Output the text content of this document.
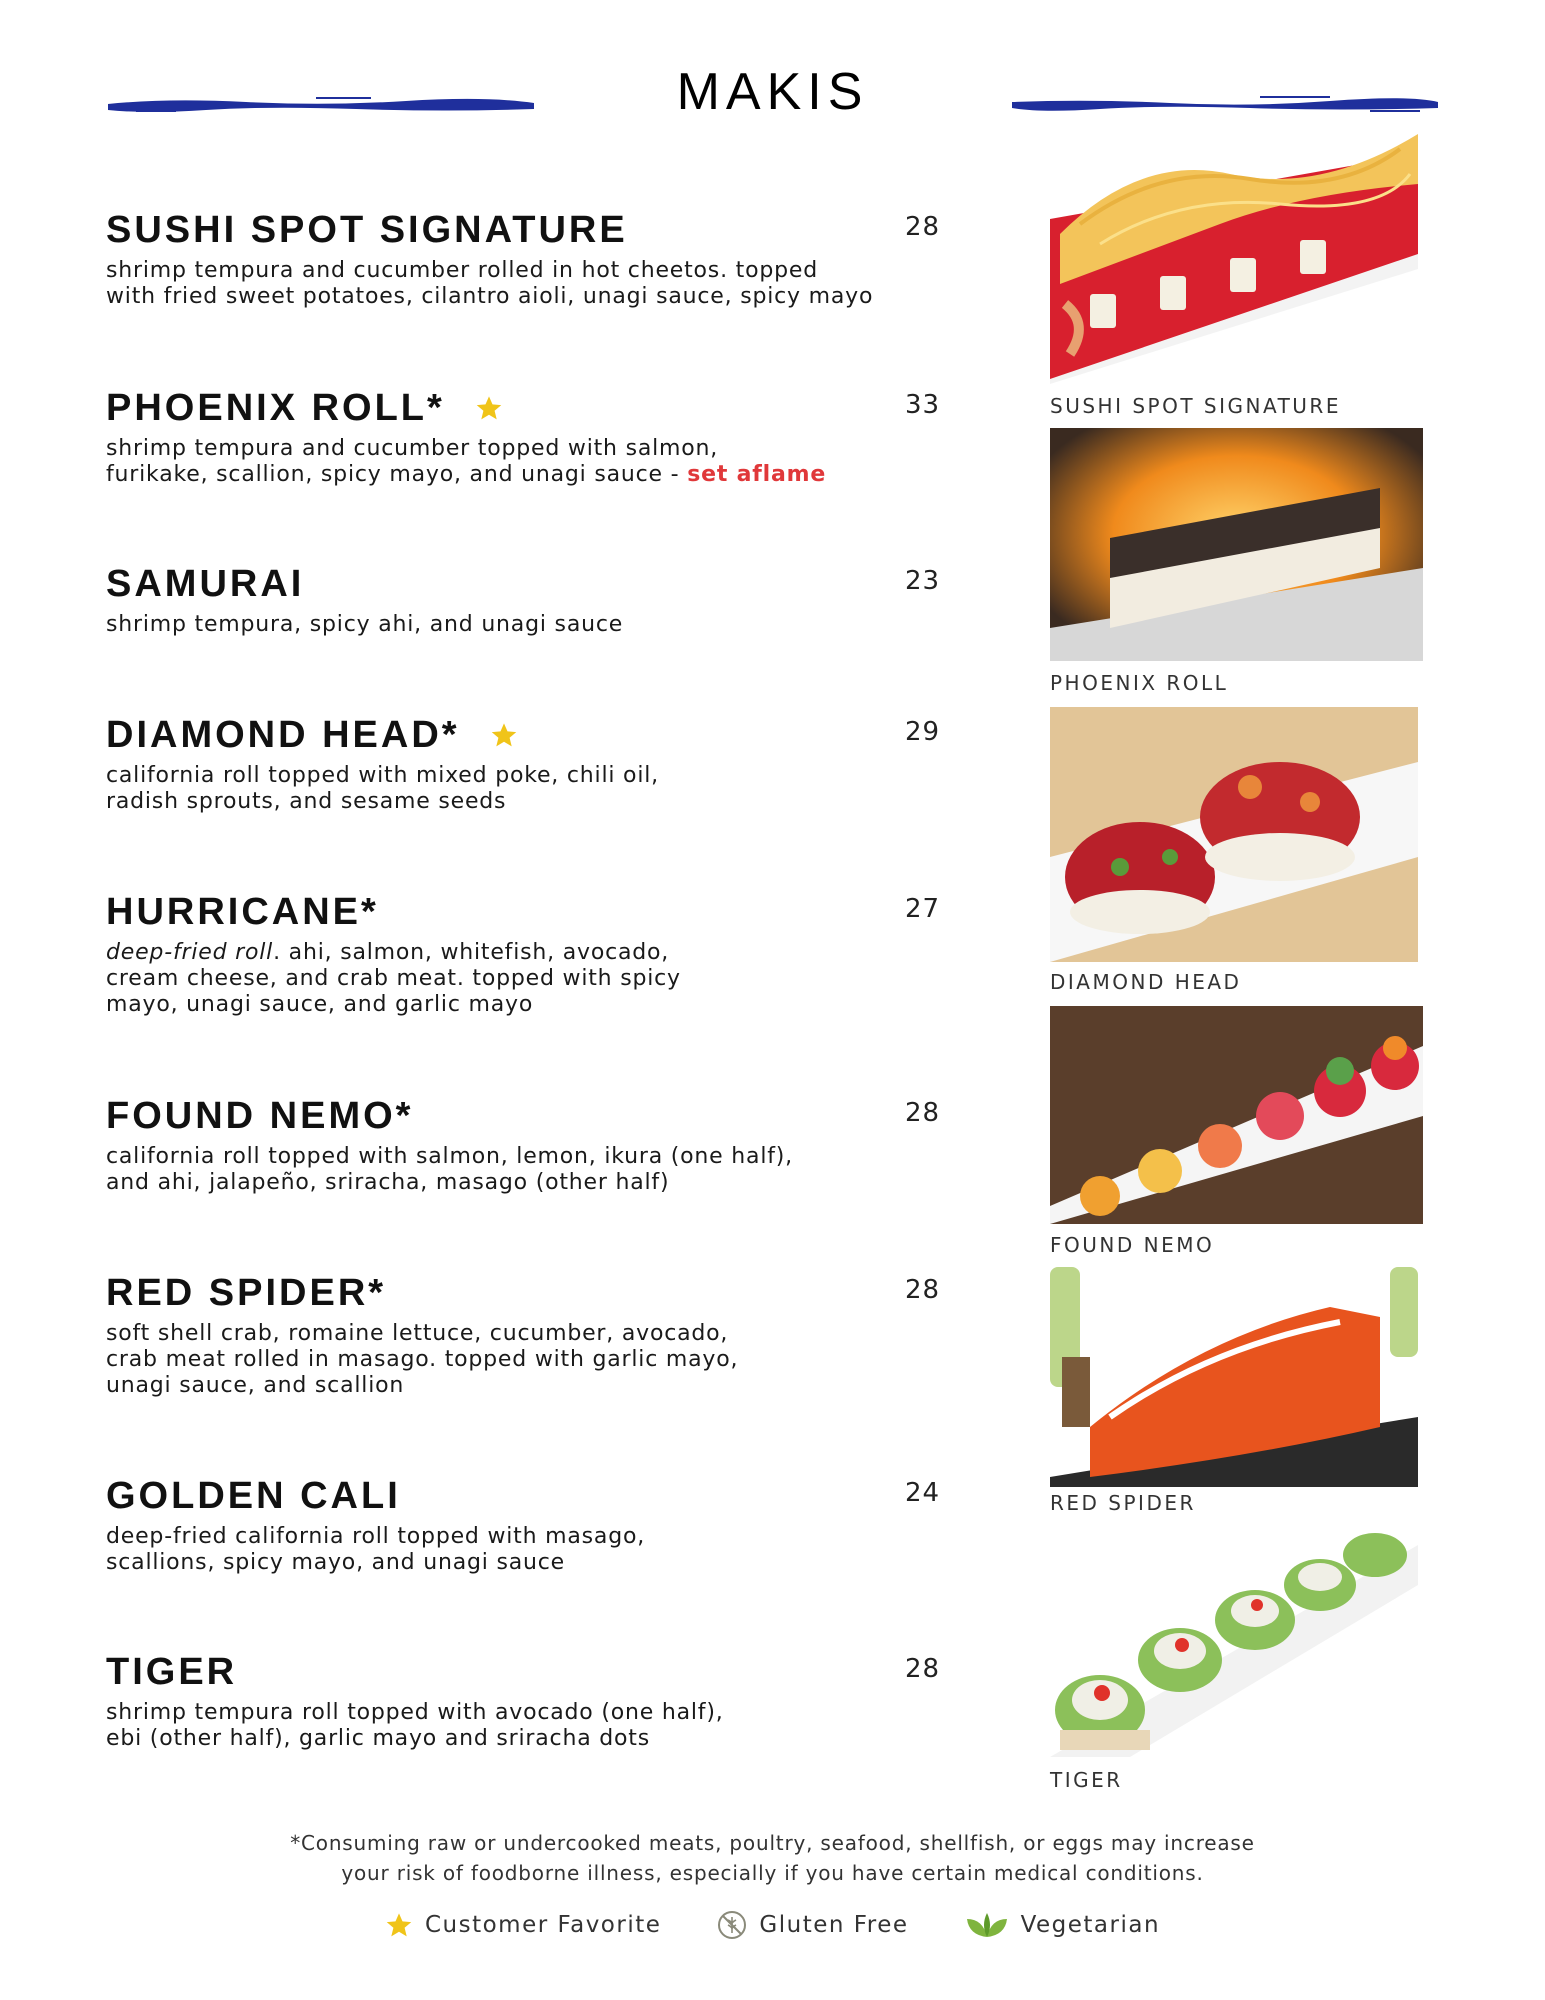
MAKIS
SUSHI SPOT SIGNATURE
shrimp tempura and cucumber rolled in hot cheetos. topped
with fried sweet potatoes, cilantro aioli, unagi sauce, spicy mayo
28
PHOENIX ROLL*
shrimp tempura and cucumber topped with salmon,
furikake, scallion, spicy mayo, and unagi sauce - set aflame
33
SAMURAI
shrimp tempura, spicy ahi, and unagi sauce
23
DIAMOND HEAD*
california roll topped with mixed poke, chili oil,
radish sprouts, and sesame seeds
29
HURRICANE*
deep-fried roll. ahi, salmon, whitefish, avocado,
cream cheese, and crab meat. topped with spicy
mayo, unagi sauce, and garlic mayo
27
FOUND NEMO*
california roll topped with salmon, lemon, ikura (one half),
and ahi, jalapeño, sriracha, masago (other half)
28
RED SPIDER*
soft shell crab, romaine lettuce, cucumber, avocado,
crab meat rolled in masago. topped with garlic mayo,
unagi sauce, and scallion
28
GOLDEN CALI
deep-fried california roll topped with masago,
scallions, spicy mayo, and unagi sauce
24
TIGER
shrimp tempura roll topped with avocado (one half),
ebi (other half), garlic mayo and sriracha dots
28
SUSHI SPOT SIGNATURE
PHOENIX ROLL
DIAMOND HEAD
FOUND NEMO
RED SPIDER
TIGER
*Consuming raw or undercooked meats, poultry, seafood, shellfish, or eggs may increase
your risk of foodborne illness, especially if you have certain medical conditions.
Customer Favorite	Gluten Free	Vegetarian
